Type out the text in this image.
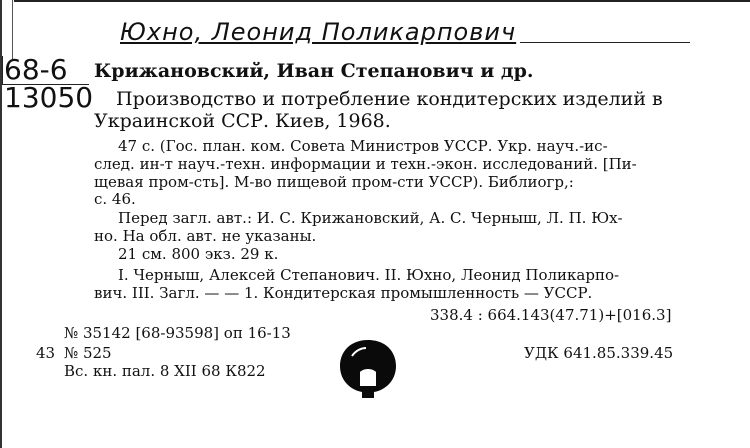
Юхно, Леонид Поликарпович
68-6
13050
Крижановский, Иван Степанович и др.
Производство и потребление кондитерских изделий в
Украинской ССР. Киев, 1968.
47 с. (Гос. план. ком. Совета Министров УССР. Укр. науч.-ис-
след. ин-т науч.-техн. информации и техн.-экон. исследований. [Пи-
щевая пром-сть]. М-во пищевой пром-сти УССР). Библиогр,:
с. 46.
Перед загл. авт.: И. С. Крижановский, А. С. Черныш, Л. П. Юх-
но. На обл. авт. не указаны.
21 см. 800 экз. 29 к.
I. Черныш, Алексей Степанович. II. Юхно, Леонид Поликарпо-
вич. III. Загл. — — 1. Кондитерская промышленность — УССР.
338.4 : 664.143(47.71)+[016.3]
№ 35142 [68-93598] оп 16-13
43 № 525	УДК 641.85.339.45
Вс. кн. пал. 8 XII 68 К822
